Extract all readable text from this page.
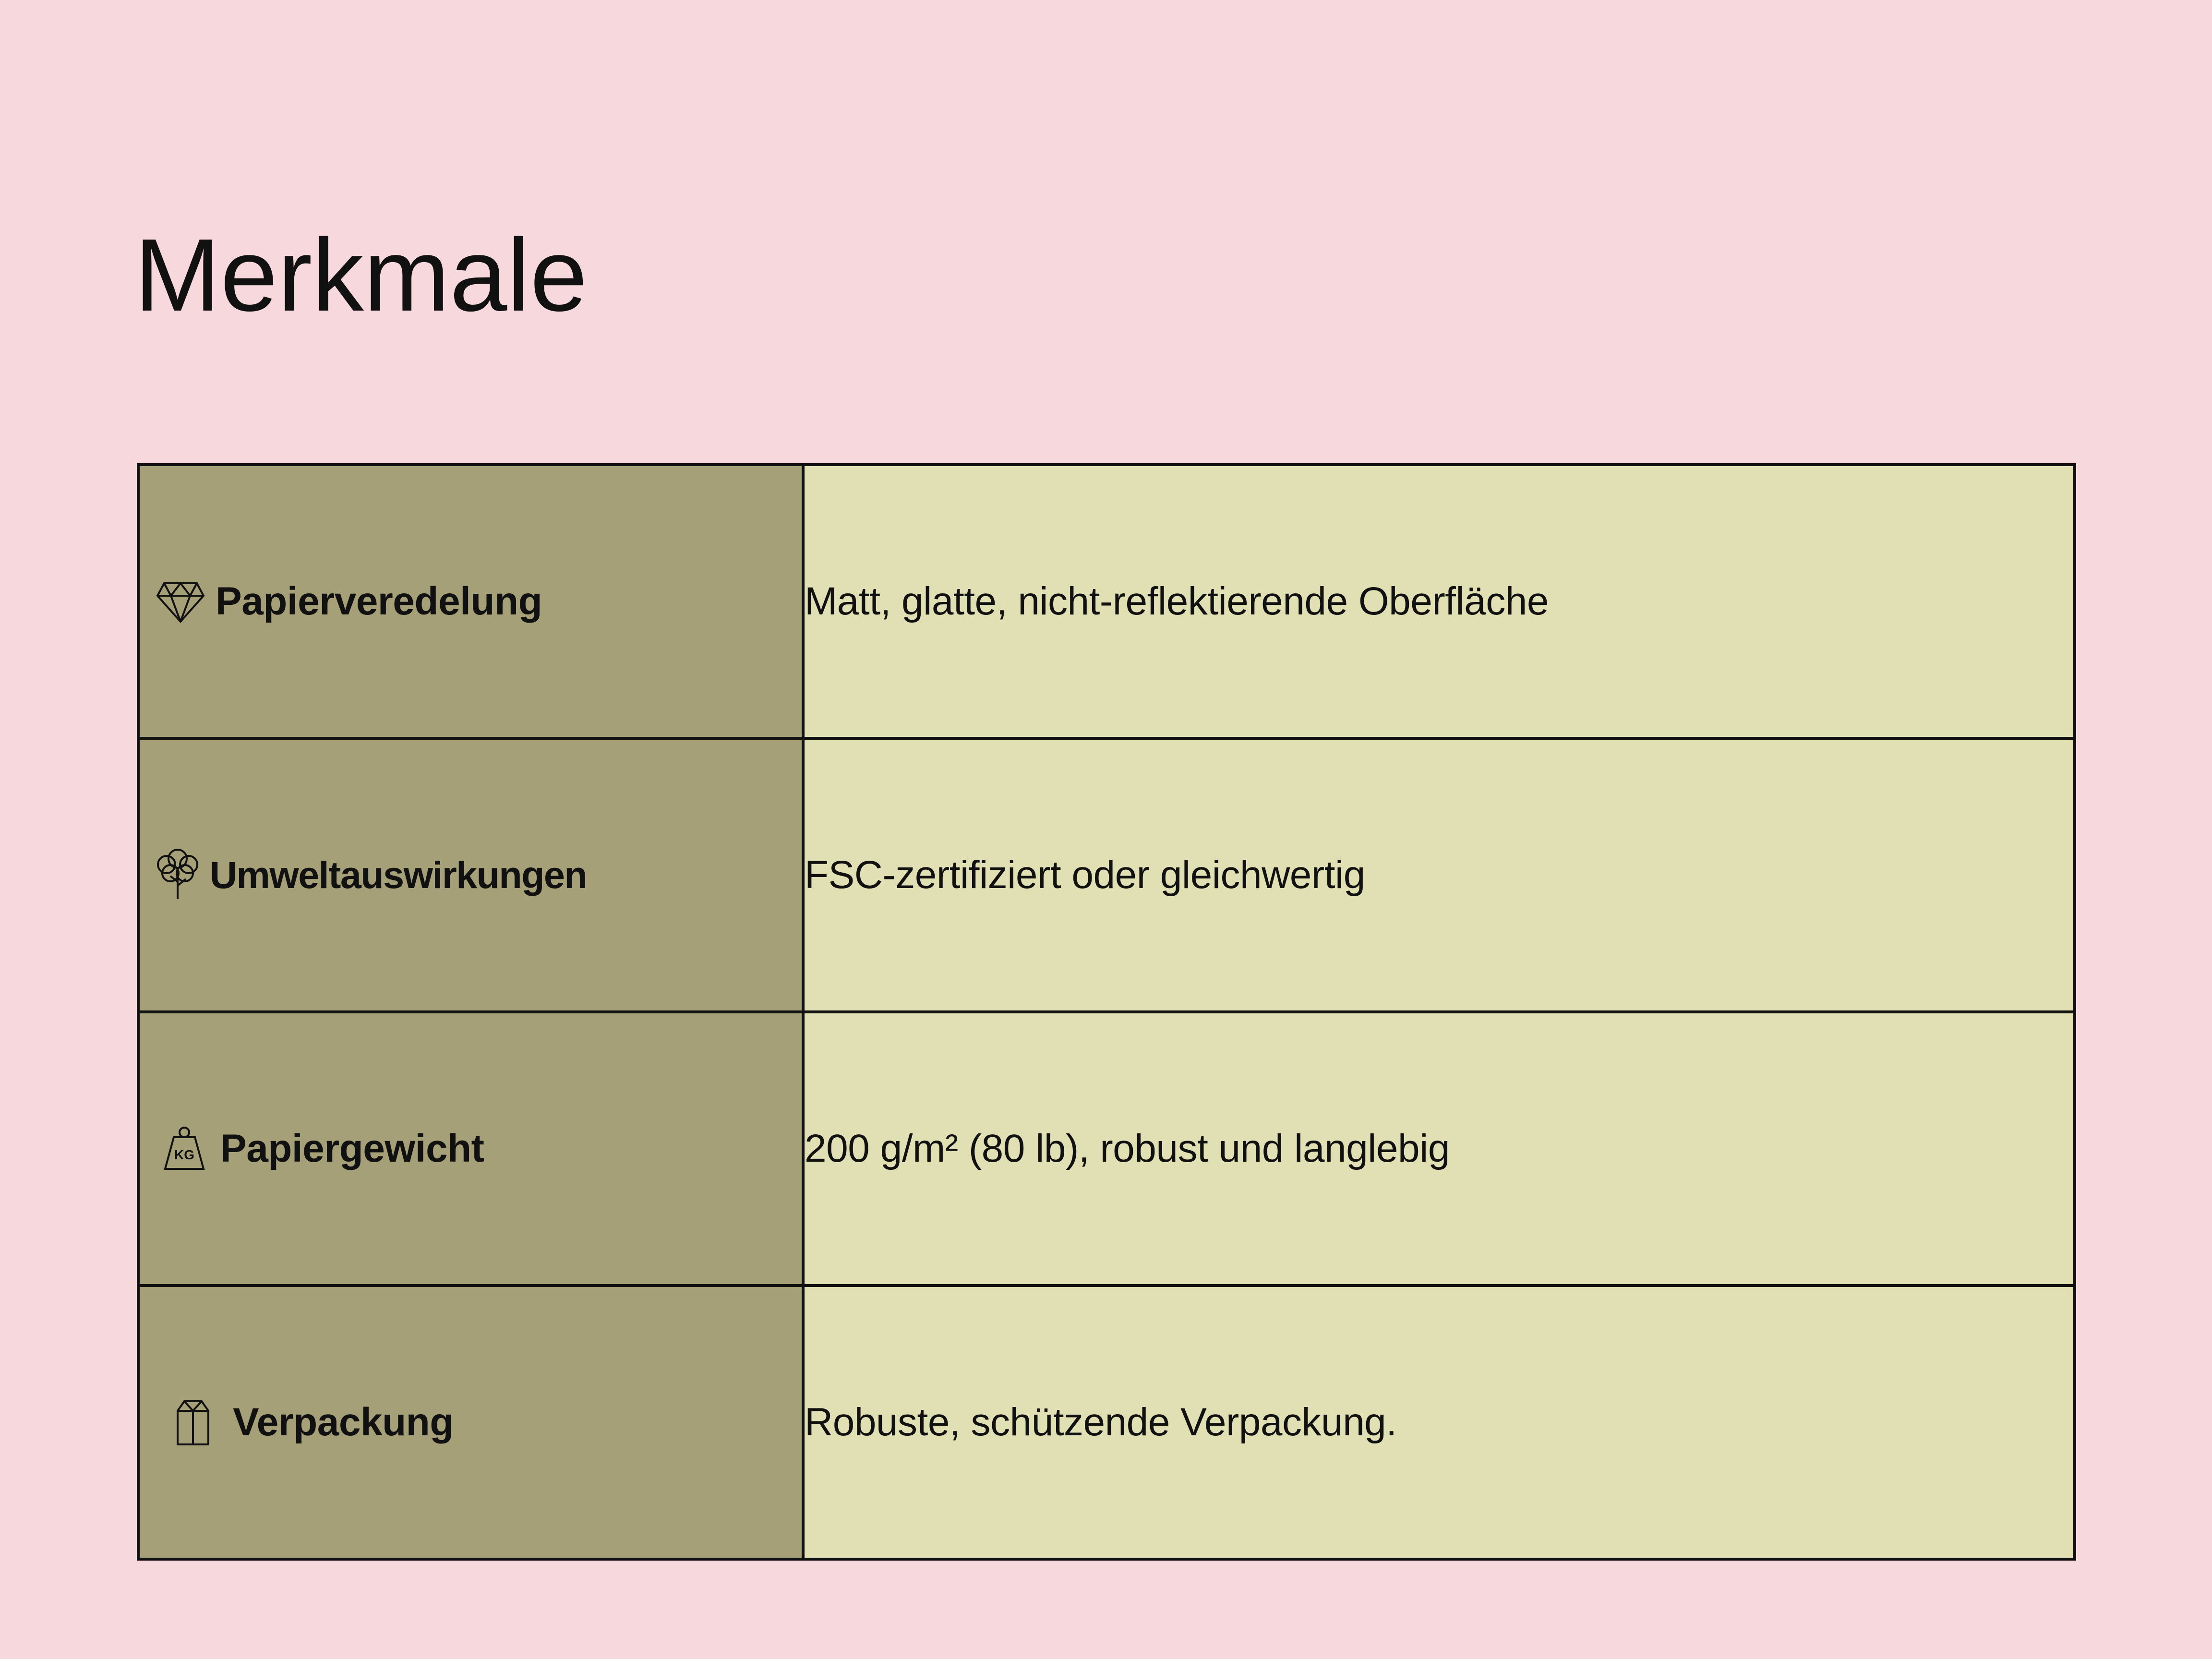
Merkmale
Papierveredelung	Matt, glatte, nicht-reflektierende Oberfläche

Umweltauswirkungen	FSC-zertifiziert oder gleichwertig

KG Papiergewicht	200 g/m² (80 lb), robust und langlebig

Verpackung	Robuste, schützende Verpackung.
